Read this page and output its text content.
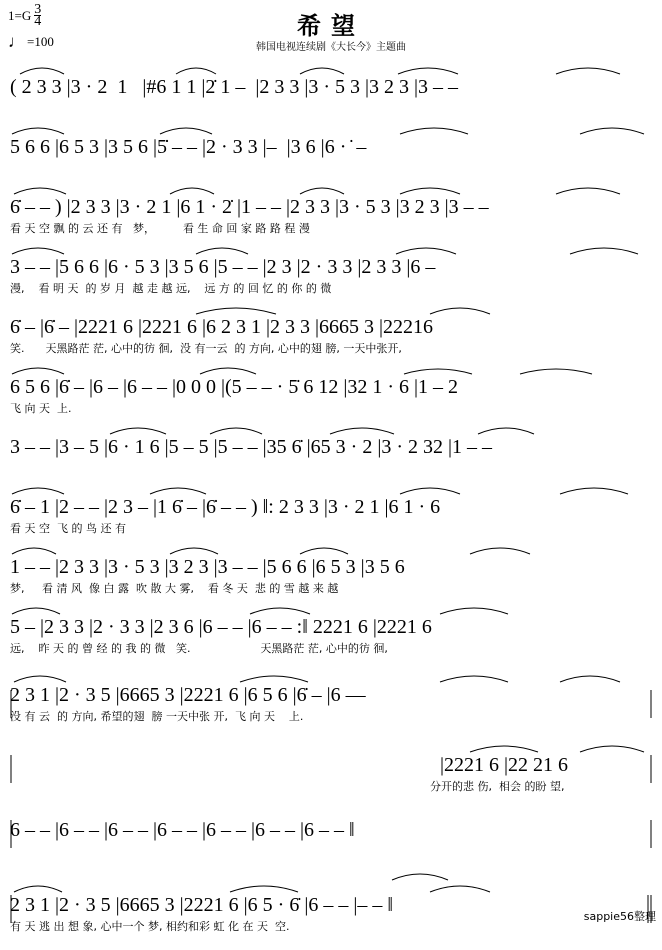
$1=G \frac{3}{4}$
♩ =100
希望
韩国电视连续剧《大长今》主题曲
( 2 3 3 |3 · 2  1   |#6 1 1 |2̇ 1 –  |2 3 3 |3 · 5 3 |3 2 3 |3 – –
5 6 6 |6 5 3 |3 5 6 |5̇̇ – – |2 · 3 3 |–  |3 6 |6 · ̇ –
6̇ – – ) |2 3 3 |3 · 2 1 |6 1 · 2̇ |1 – – |2 3 3 |3 · 5 3 |3 2 3 |3 – –
看 天 空 飘 的 云 还 有   梦，        看 生 命 回 家 路 路 程 漫
3 – – |5 6 6 |6 · 5 3 |3 5 6 |5 – – |2 3 |2 · 3 3 |2 3 3 |6 –
漫,    看 明 天  的 岁 月  越 走 越 远,    远 方 的 回 忆 的 你 的 微
6̇ – |6̇ – |2221 6 |2221 6 |6 2 3 1 |2 3 3 |6665 3 |22216
笑.      天黑路茫 茫, 心中的彷 徊,  没 有一云  的 方向, 心中的翅 膀, 一天中张开,
6 5 6 |6̇ – |6 – |6 – – |0 0 0 |(5 – – · 5̇ 6 12 |32 1 · 6 |1 – 2
飞 向 天  上.
3 – – |3 – 5 |6 · 1 6 |5 – 5 |5 – – |35 6̇ |65 3 · 2 |3 · 2 32 |1 – –
6̇ – 1 |2 – – |2 3 – |1 6̇ – |6̇ – – ) ‖: 2 3 3 |3 · 2 1 |6 1 · 6
看 天 空  飞 的 鸟 还 有
1 – – |2 3 3 |3 · 5 3 |3 2 3 |3 – – |5 6 6 |6 5 3 |3 5 6
梦,     看 清 风  像 白 露  吹 散 大 雾,    看 冬 天  悲 的 雪 越 来 越
5 – |2 3 3 |2 · 3 3 |2 3 6 |6 – – |6 – – :‖ 2221 6 |2221 6
远,    昨 天 的 曾 经 的 我 的 微   笑.                    天黑路茫 茫, 心中的彷 徊,
2 3 1 |2 · 3 5 |6665 3 |2221 6 |6 5 6 |6̇ – |6 ––
没 有 云  的 方向, 希望的翅  膀 一天中张 开,  飞 向 天    上.
|2221 6 |22 21 6
分开的悲 伤,  相会 的盼 望,
6 – – |6 – – |6 – – |6 – – |6 – – |6 – – |6 – – ‖
2 3 1 |2 · 3 5 |6665 3 |2221 6 |6 5 · 6̇ |6 – – |– – ‖
有 天 逃 出 想 象, 心中一个 梦, 相约和彩 虹 化 在 天  空.
sappie56整理
